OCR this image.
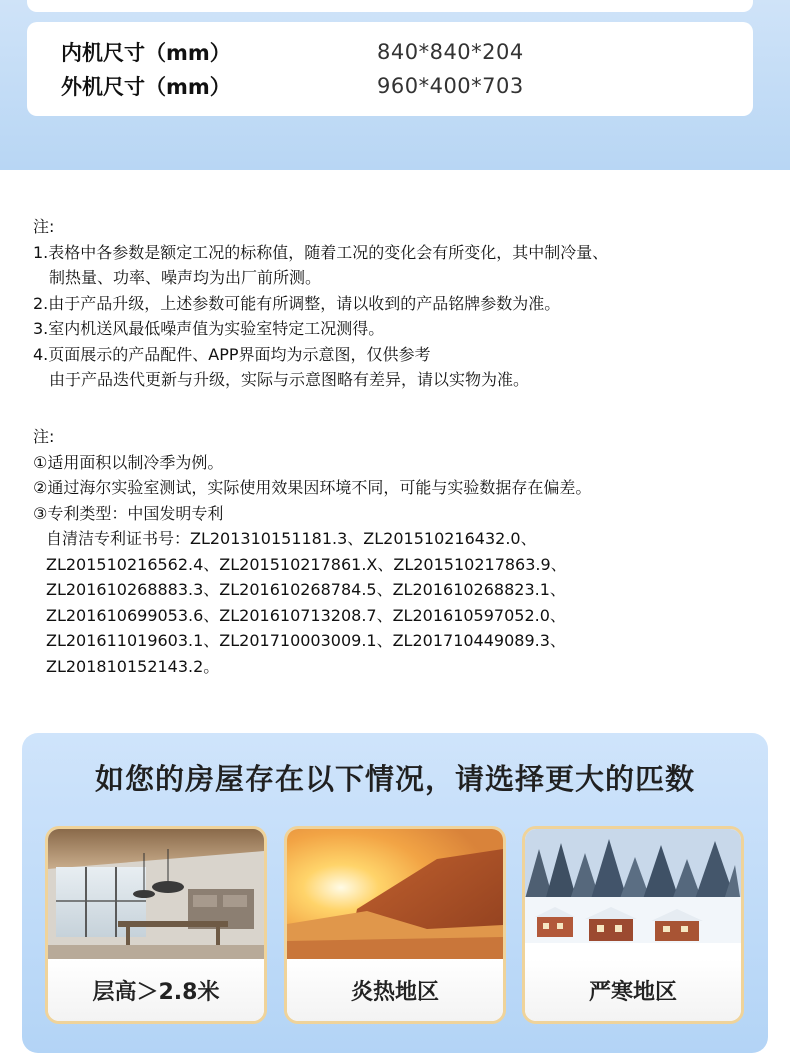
内机尺寸（mm）	840*840*204
外机尺寸（mm）	960*400*703
注:
1.表格中各参数是额定工况的标称值，随着工况的变化会有所变化，其中制冷量、
制热量、功率、噪声均为出厂前所测。
2.由于产品升级，上述参数可能有所调整，请以收到的产品铭牌参数为准。
3.室内机送风最低噪声值为实验室特定工况测得。
4.页面展示的产品配件、APP界面均为示意图，仅供参考
由于产品迭代更新与升级，实际与示意图略有差异，请以实物为准。
注:
①适用面积以制冷季为例。
②通过海尔实验室测试，实际使用效果因环境不同，可能与实验数据存在偏差。
③专利类型：中国发明专利
自清洁专利证书号：ZL201310151181.3、ZL201510216432.0、
ZL201510216562.4、ZL201510217861.X、ZL201510217863.9、
ZL201610268883.3、ZL201610268784.5、ZL201610268823.1、
ZL201610699053.6、ZL201610713208.7、ZL201610597052.0、
ZL201611019603.1、ZL201710003009.1、ZL201710449089.3、
ZL201810152143.2。
如您的房屋存在以下情况，请选择更大的匹数
层高＞2.8米	炎热地区	严寒地区
